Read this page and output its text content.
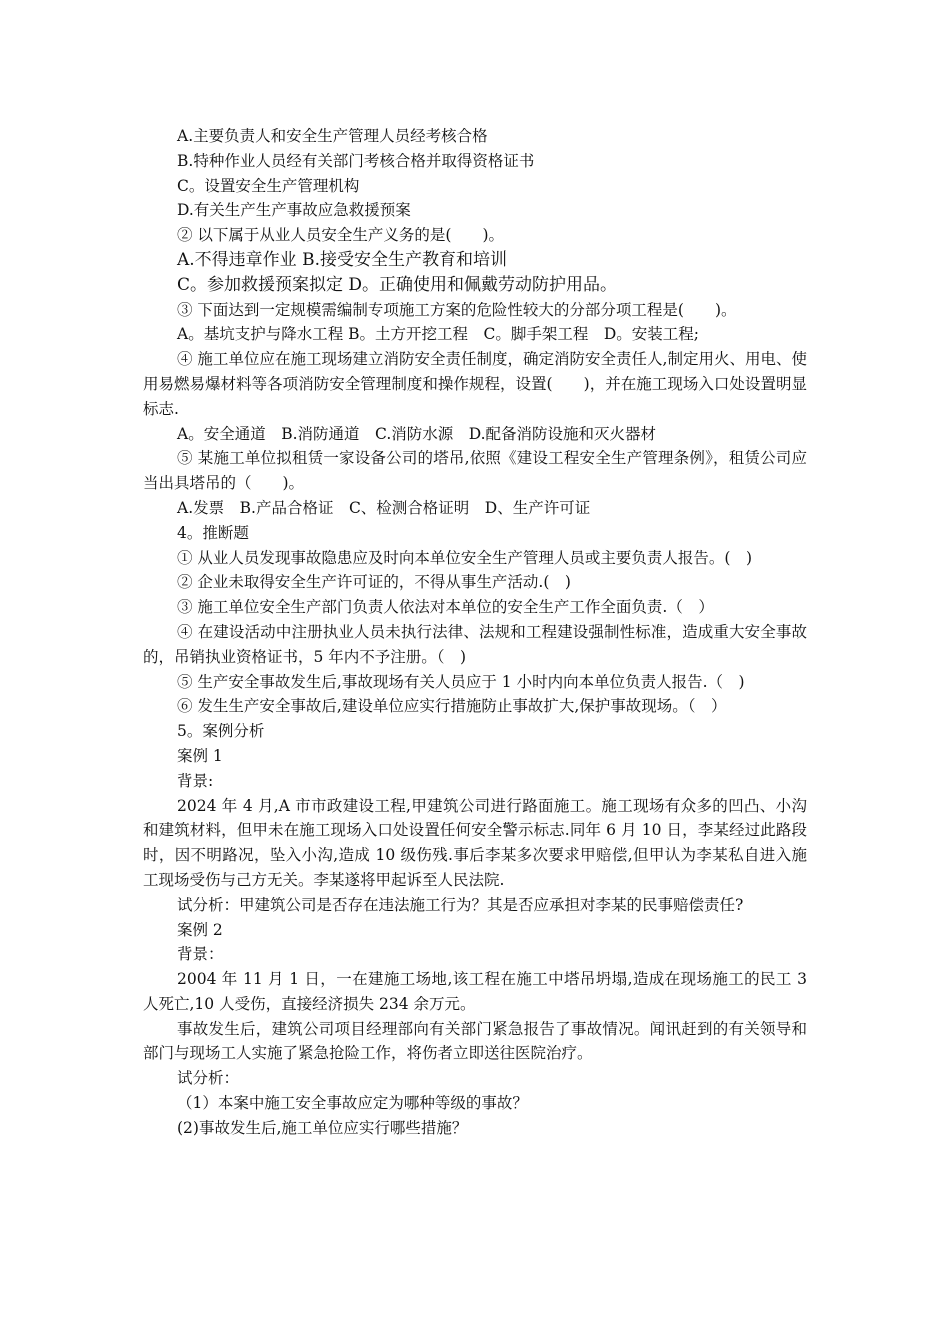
A.主要负责人和安全生产管理人员经考核合格

B.特种作业人员经有关部门考核合格并取得资格证书

C。设置安全生产管理机构

D.有关生产生产事故应急救援预案

② 以下属于从业人员安全生产义务的是(　　)。

A.不得违章作业 B.接受安全生产教育和培训

C。参加救援预案拟定 D。正确使用和佩戴劳动防护用品。

③ 下面达到一定规模需编制专项施工方案的危险性较大的分部分项工程是(　　)。

A。基坑支护与降水工程 B。土方开挖工程　C。脚手架工程　D。安装工程;

④ 施工单位应在施工现场建立消防安全责任制度，确定消防安全责任人,制定用火、用电、使用易燃易爆材料等各项消防安全管理制度和操作规程，设置(　　)，并在施工现场入口处设置明显标志.

A。安全通道　B.消防通道　C.消防水源　D.配备消防设施和灭火器材

⑤ 某施工单位拟租赁一家设备公司的塔吊,依照《建设工程安全生产管理条例》，租赁公司应当出具塔吊的（　　)。

A.发票　B.产品合格证　C、检测合格证明　D、生产许可证

4。推断题

① 从业人员发现事故隐患应及时向本单位安全生产管理人员或主要负责人报告。(　)

② 企业未取得安全生产许可证的，不得从事生产活动.(　)

③ 施工单位安全生产部门负责人依法对本单位的安全生产工作全面负责.（　）

④ 在建设活动中注册执业人员未执行法律、法规和工程建设强制性标准，造成重大安全事故的，吊销执业资格证书，5 年内不予注册。（　)

⑤ 生产安全事故发生后,事故现场有关人员应于 1 小时内向本单位负责人报告.（　)

⑥ 发生生产安全事故后,建设单位应实行措施防止事故扩大,保护事故现场。（　）

5。案例分析

案例 1

背景:

2024 年 4 月,A 市市政建设工程,甲建筑公司进行路面施工。施工现场有众多的凹凸、小沟和建筑材料，但甲未在施工现场入口处设置任何安全警示标志.同年 6 月 10 日，李某经过此路段时，因不明路况，坠入小沟,造成 10 级伤残.事后李某多次要求甲赔偿,但甲认为李某私自进入施工现场受伤与己方无关。李某遂将甲起诉至人民法院.

试分析：甲建筑公司是否存在违法施工行为？其是否应承担对李某的民事赔偿责任?

案例 2

背景：

2004 年 11 月 1 日，一在建施工场地,该工程在施工中塔吊坍塌,造成在现场施工的民工 3 人死亡,10 人受伤，直接经济损失 234 余万元。

事故发生后，建筑公司项目经理部向有关部门紧急报告了事故情况。闻讯赶到的有关领导和部门与现场工人实施了紧急抢险工作，将伤者立即送往医院治疗。

试分析：

（1）本案中施工安全事故应定为哪种等级的事故？

(2)事故发生后,施工单位应实行哪些措施？
